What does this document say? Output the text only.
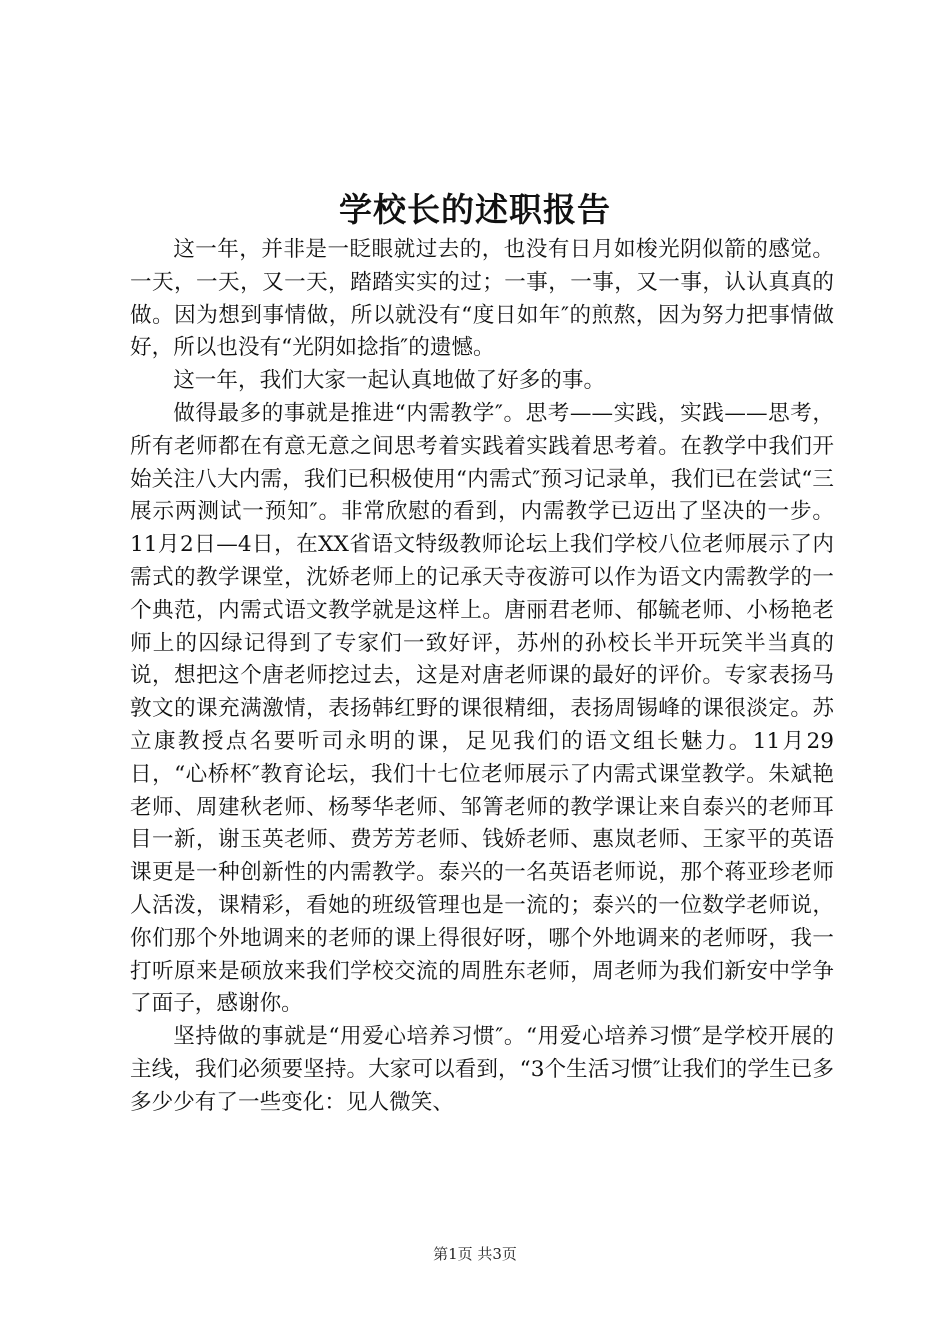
学校长的述职报告

这一年，并非是一眨眼就过去的，也没有日月如梭光阴似箭的感觉。一天，一天，又一天，踏踏实实的过；一事，一事，又一事，认认真真的做。因为想到事情做，所以就没有“度日如年″的煎熬，因为努力把事情做好，所以也没有“光阴如捻指″的遗憾。

这一年，我们大家一起认真地做了好多的事。

做得最多的事就是推进“内需教学″。思考——实践，实践——思考，所有老师都在有意无意之间思考着实践着实践着思考着。在教学中我们开始关注八大内需，我们已积极使用“内需式″预习记录单，我们已在尝试“三展示两测试一预知″。非常欣慰的看到，内需教学已迈出了坚决的一步。11月2日—4日，在XX省语文特级教师论坛上我们学校八位老师展示了内需式的教学课堂，沈娇老师上的记承天寺夜游可以作为语文内需教学的一个典范，内需式语文教学就是这样上。唐丽君老师、郁毓老师、小杨艳老师上的囚绿记得到了专家们一致好评，苏州的孙校长半开玩笑半当真的说，想把这个唐老师挖过去，这是对唐老师课的最好的评价。专家表扬马敦文的课充满激情，表扬韩红野的课很精细，表扬周锡峰的课很淡定。苏立康教授点名要听司永明的课，足见我们的语文组长魅力。11月29日，“心桥杯″教育论坛，我们十七位老师展示了内需式课堂教学。朱斌艳老师、周建秋老师、杨琴华老师、邹箐老师的教学课让来自泰兴的老师耳目一新，谢玉英老师、费芳芳老师、钱娇老师、惠岚老师、王家平的英语课更是一种创新性的内需教学。泰兴的一名英语老师说，那个蒋亚珍老师人活泼，课精彩，看她的班级管理也是一流的；泰兴的一位数学老师说，你们那个外地调来的老师的课上得很好呀，哪个外地调来的老师呀，我一打听原来是硕放来我们学校交流的周胜东老师，周老师为我们新安中学争了面子，感谢你。

坚持做的事就是“用爱心培养习惯″。“用爱心培养习惯″是学校开展的主线，我们必须要坚持。大家可以看到，“3个生活习惯″让我们的学生已多多少少有了一些变化：见人微笑、

第1页 共3页
